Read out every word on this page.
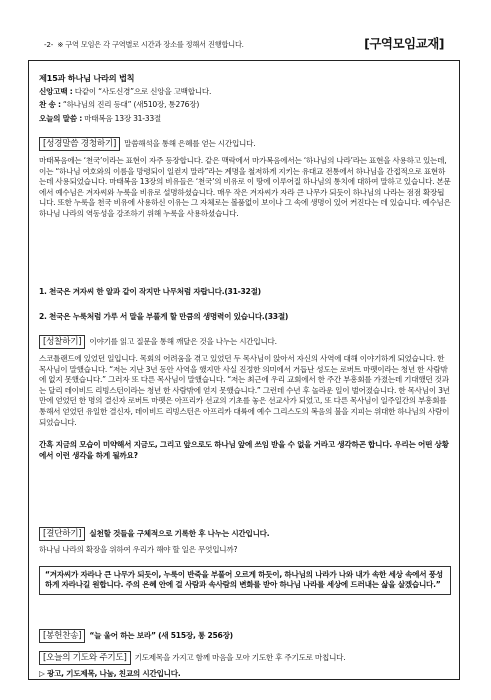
-2- ※ 구역 모임은 각 구역별로 시간과 장소를 정해서 진행합니다.	[구역모임교재]

제15과 하나님 나라의 법칙

신앙고백 : 다같이 “사도신경”으로 신앙을 고백합니다.

찬 송 : “하나님의 진리 등대” (새510장, 통276장)

오늘의 말씀 : 마태복음 13장 31-33절

[성경말씀 경청하기] 말씀해석을 통해 은혜를 얻는 시간입니다.

마태복음에는 ‘천국’이라는 표현이 자주 등장합니다. 같은 맥락에서 마가복음에서는 ‘하나님의 나라’라는 표현을 사용하고 있는데, 이는 “하나님 여호와의 이름을 망령되이 일컫지 말라”라는 계명을 철저하게 지키는 유대교 전통에서 하나님을 간접적으로 표현하는데 사용되었습니다. 마태복음 13장의 비유들은 ‘천국’의 비유로 이 땅에 이루어질 하나님의 통치에 대하여 말하고 있습니다. 본문에서 예수님은 겨자씨와 누룩을 비유로 설명하셨습니다. 매우 작은 겨자씨가 자라 큰 나무가 되듯이 하나님의 나라는 점점 확장됩니다. 또한 누룩을 천국 비유에 사용하신 이유는 그 자체로는 볼품없이 보이나 그 속에 생명이 있어 커진다는 데 있습니다. 예수님은 하나님 나라의 역동성을 강조하기 위해 누룩을 사용하셨습니다.

1. 천국은 겨자씨 한 알과 같이 작지만 나무처럼 자랍니다.(31-32절)

2. 천국은 누룩처럼 가루 서 말을 부풀게 할 만큼의 생명력이 있습니다.(33절)

[성찰하기] 이야기를 읽고 질문을 통해 깨달은 것을 나누는 시간입니다.

스코틀랜드에 있었던 일입니다. 목회의 어려움을 겪고 있었던 두 목사님이 앉아서 자신의 사역에 대해 이야기하게 되었습니다. 한 목사님이 말했습니다. “저는 지난 3년 동안 사역을 했지만 사실 진정한 의미에서 거듭난 성도는 로버트 마펫이라는 청년 한 사람밖에 없지 못했습니다.” 그러자 또 다른 목사님이 말했습니다. “저는 최근에 우리 교회에서 한 주간 부흥회를 가졌는데 기대했던 것과는 달리 데이비드 리빙스턴이라는 청년 한 사람밖에 얻지 못했습니다.” 그런데 수년 후 놀라운 일이 벌어졌습니다. 한 목사님이 3년 만에 얻었던 한 명의 결신자 로버트 마펫은 아프리카 선교의 기초를 놓은 선교사가 되었고, 또 다른 목사님이 일주일간의 부흥회를 통해서 얻었던 유일한 결신자, 데이비드 리빙스턴은 아프리카 대륙에 예수 그리스도의 복음의 불을 지피는 위대한 하나님의 사람이 되었습니다.

간혹 지금의 모습이 미약해서 지금도, 그리고 앞으로도 하나님 앞에 쓰임 받을 수 없을 거라고 생각하곤 합니다. 우리는 어떤 상황에서 이런 생각을 하게 될까요?

[결단하기] 실천할 것들을 구체적으로 기록한 후 나누는 시간입니다.

하나님 나라의 확장을 위하여 우리가 해야 할 일은 무엇입니까?

“겨자씨가 자라나 큰 나무가 되듯이, 누룩이 반죽을 부풀어 오르게 하듯이, 하나님의 나라가 나와 내가 속한 세상 속에서 풍성하게 자라나길 원합니다. 주의 은혜 안에 걸 사람과 속사람의 변화를 받아 하나님 나라를 세상에 드러내는 삶을 살겠습니다.”

[봉헌찬송] “늘 울어 하는 보라” (새 515장, 통 256장)

[오늘의 기도와 주기도] 기도제목을 가지고 함께 마음을 모아 기도한 후 주기도로 마칩니다.

▷ 광고, 기도제목, 나눔, 친교의 시간입니다.
